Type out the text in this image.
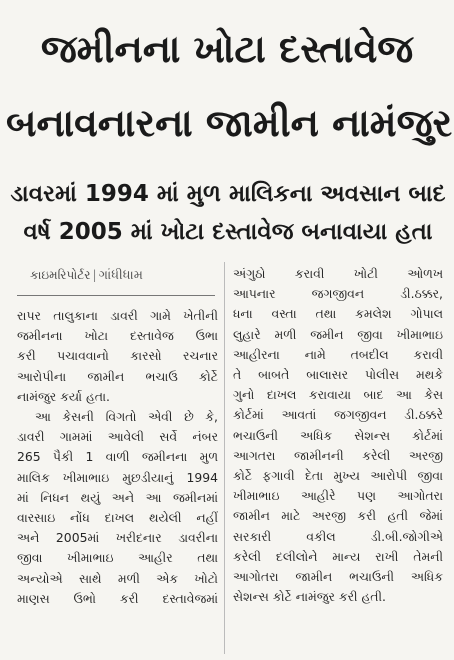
જમીનના ખોટા દસ્તાવેજ
બનાવનારના જામીન નામંજુર
ડાવરમાં 1994 માં મુળ માલિકના અવસાન બાદ
વર્ષ 2005 માં ખોટા દસ્તાવેજ બનાવાયા હતા
કાઇમરિપોર્ટર | ગાંધીધામ
રાપર તાલુકાના ડાવરી ગામે ખેતીની
જમીનના ખોટા દસ્તાવેજ ઉભા
કરી પચાવવાનો કારસો રચનાર
આરોપીના જામીન ભચાઉ કોર્ટે
નામંજુર કર્યા હતા.
આ કેસની વિગતો એવી છે કે,
ડાવરી ગામમાં આવેલી સર્વે નંબર
265 પૈકી 1 વાળી જમીનના મુળ
માલિક ખીમાભાઇ મુછડીયાનું 1994
માં નિધન થયું અને આ જમીનમાં
વારસાઇ નોંધ દાખલ થયેલી નહીં
અને 2005માં ખરીદનાર ડાવરીના
જીવા ખીમાભાઇ આહીર તથા
અન્યોએ સાથે મળી એક ખોટો
માણસ ઉભો કરી દસ્તાવેજમાં
અંગુઠો કરાવી ખોટી ઓળખ
આપનાર જગજીવન ડી.ઠક્કર,
ધના વસ્તા તથા કમલેશ ગોપાલ
લુહારે મળી જમીન જીવા ખીમાભાઇ
આહીરના નામે તબદીલ કરાવી
તે બાબતે બાલાસર પોલીસ મથકે
ગુનો દાખલ કરાવાયા બાદ આ કેસ
કોર્ટમાં આવતાં જગજીવન ડી.ઠક્કરે
ભચાઉની અધિક સેશન્સ કોર્ટમાં
આગતરા જામીનની કરેલી અરજી
કોર્ટે ફગાવી દેતા મુખ્ય આરોપી જીવા
ખીમાભાઇ આહીરે પણ આગોતરા
જામીન માટે અરજી કરી હતી જેમાં
સરકારી વકીલ ડી.બી.જોગીએ
કરેલી દલીલોને માન્ય રાખી તેમની
આગોતરા જામીન ભચાઉની અધિક
સેશન્સ કોર્ટે નામંજુર કરી હતી.
